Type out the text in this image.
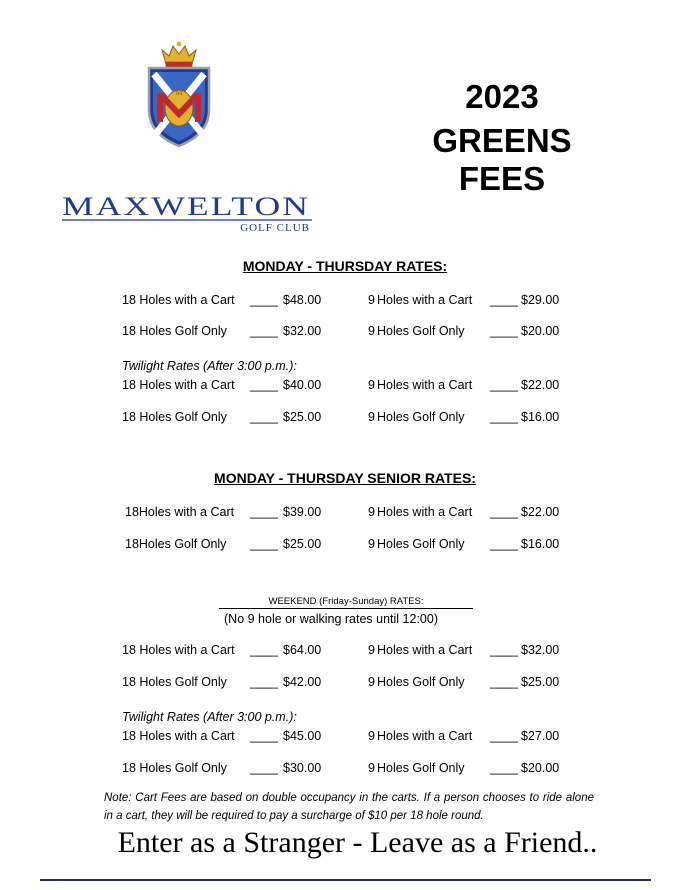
M
MAXWELTON
GOLF CLUB
2023
GREENS
FEES
MONDAY - THURSDAY RATES:
18 Holes with a Cart ____ $48.00	9 Holes with a Cart ____ $29.00
18 Holes Golf Only ____ $32.00	9 Holes Golf Only ____ $20.00
Twilight Rates (After 3:00 p.m.):
18 Holes with a Cart ____ $40.00	9 Holes with a Cart ____ $22.00
18 Holes Golf Only ____ $25.00	9 Holes Golf Only ____ $16.00
MONDAY - THURSDAY SENIOR RATES:
18Holes with a Cart ____ $39.00	9 Holes with a Cart ____ $22.00
18Holes Golf Only ____ $25.00	9 Holes Golf Only ____ $16.00
WEEKEND (Friday-Sunday) RATES:
(No 9 hole or walking rates until 12:00)
18 Holes with a Cart ____ $64.00	9 Holes with a Cart ____ $32.00
18 Holes Golf Only ____ $42.00	9 Holes Golf Only ____ $25.00
Twilight Rates (After 3:00 p.m.):
18 Holes with a Cart ____ $45.00	9 Holes with a Cart ____ $27.00
18 Holes Golf Only ____ $30.00	9 Holes Golf Only ____ $20.00
Note: Cart Fees are based on double occupancy in the carts. If a person chooses to ride alone in a cart, they will be required to pay a surcharge of $10 per 18 hole round.
Enter as a Stranger - Leave as a Friend..
